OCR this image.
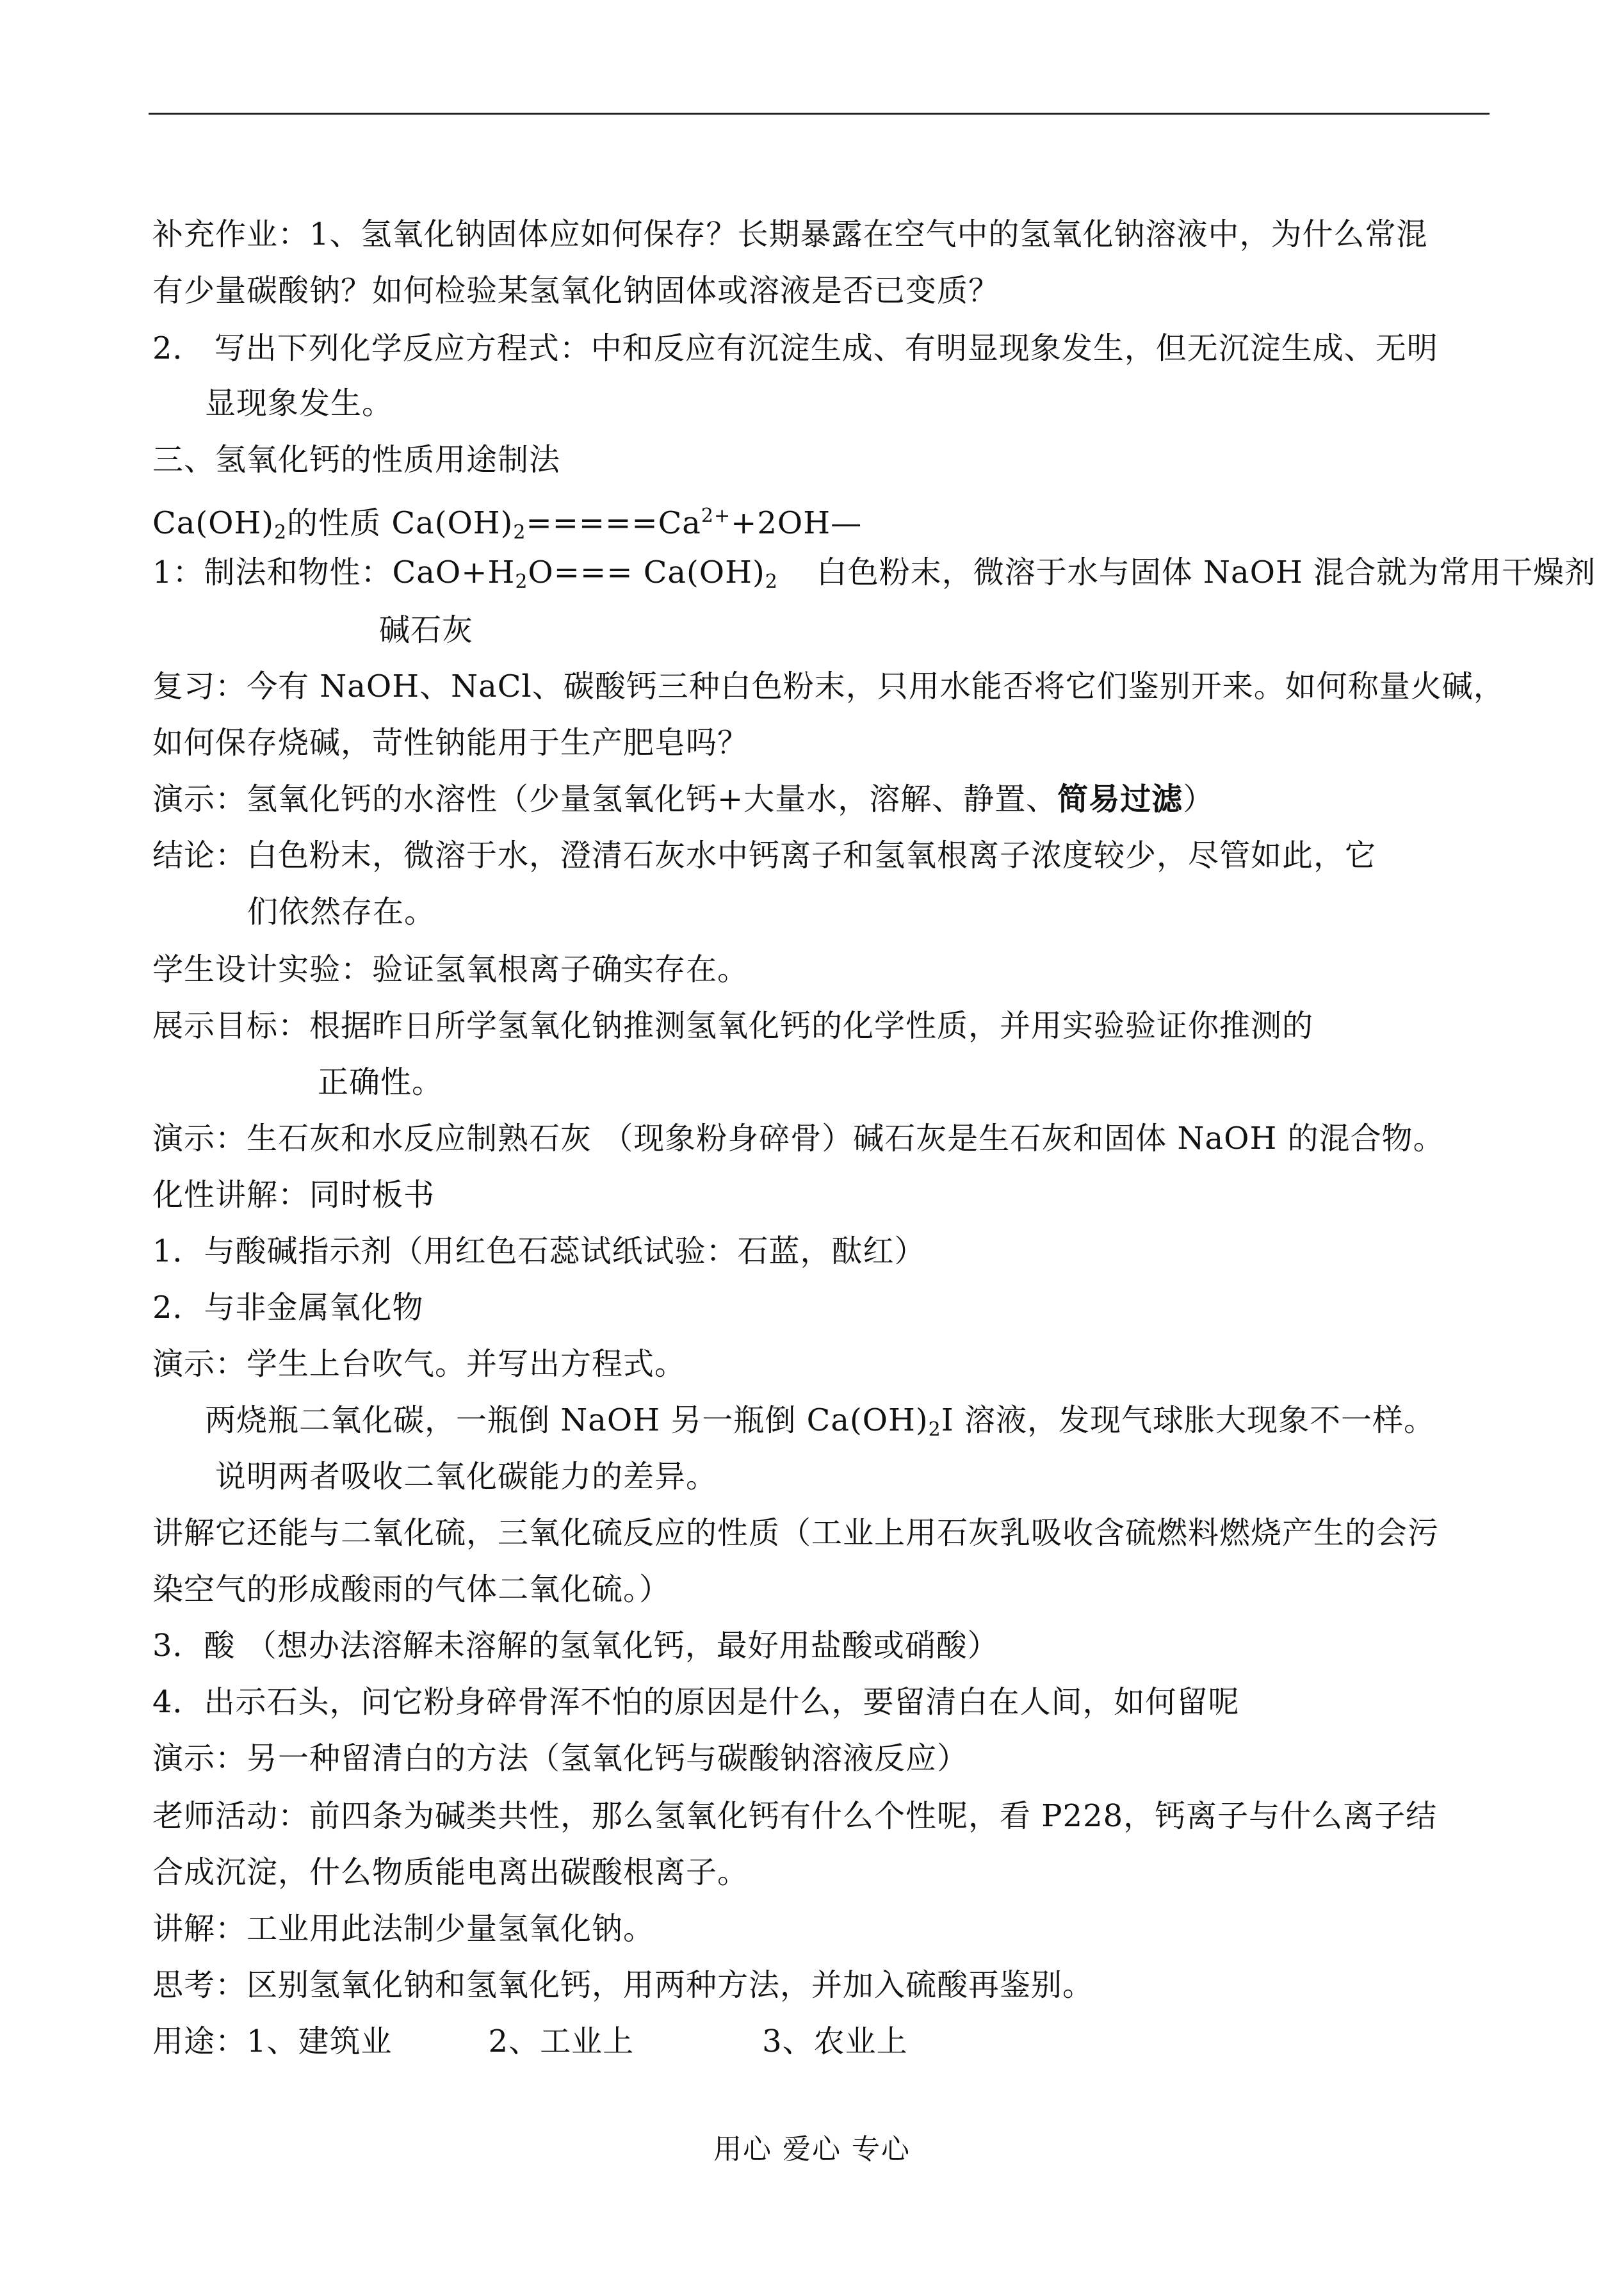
补充作业：1、氢氧化钠固体应如何保存？长期暴露在空气中的氢氧化钠溶液中，为什么常混
有少量碳酸钠？如何检验某氢氧化钠固体或溶液是否已变质？
2． 写出下列化学反应方程式：中和反应有沉淀生成、有明显现象发生，但无沉淀生成、无明
显现象发生。
三、氢氧化钙的性质用途制法
$Ca(OH)_2$的性质 $Ca(OH)_2=====Ca^{2+}+2OH—$
1：制法和物性：$CaO+H_2O=== Ca(OH)_2$ 白色粉末，微溶于水与固体 NaOH 混合就为常用干燥剂
碱石灰
复习：今有 NaOH、NaCl、碳酸钙三种白色粉末，只用水能否将它们鉴别开来。如何称量火碱，
如何保存烧碱，苛性钠能用于生产肥皂吗？
演示：氢氧化钙的水溶性（少量氢氧化钙+大量水，溶解、静置、简易过滤）
结论：白色粉末，微溶于水，澄清石灰水中钙离子和氢氧根离子浓度较少，尽管如此，它
们依然存在。
学生设计实验：验证氢氧根离子确实存在。
展示目标：根据昨日所学氢氧化钠推测氢氧化钙的化学性质，并用实验验证你推测的
正确性。
演示：生石灰和水反应制熟石灰 （现象粉身碎骨）碱石灰是生石灰和固体 NaOH 的混合物。
化性讲解：同时板书
1．与酸碱指示剂（用红色石蕊试纸试验：石蓝，酞红）
2．与非金属氧化物
演示：学生上台吹气。并写出方程式。
两烧瓶二氧化碳，一瓶倒 NaOH 另一瓶倒 $Ca(OH)_2I$ 溶液，发现气球胀大现象不一样。
说明两者吸收二氧化碳能力的差异。
讲解它还能与二氧化硫，三氧化硫反应的性质（工业上用石灰乳吸收含硫燃料燃烧产生的会污
染空气的形成酸雨的气体二氧化硫。）
3．酸 （想办法溶解未溶解的氢氧化钙，最好用盐酸或硝酸）
4．出示石头，问它粉身碎骨浑不怕的原因是什么，要留清白在人间，如何留呢
演示：另一种留清白的方法（氢氧化钙与碳酸钠溶液反应）
老师活动：前四条为碱类共性，那么氢氧化钙有什么个性呢，看 P228，钙离子与什么离子结
合成沉淀，什么物质能电离出碳酸根离子。
讲解：工业用此法制少量氢氧化钠。
思考：区别氢氧化钠和氢氧化钙，用两种方法，并加入硫酸再鉴别。
用途：1、建筑业	2、工业上	3、农业上
用心 爱心 专心
